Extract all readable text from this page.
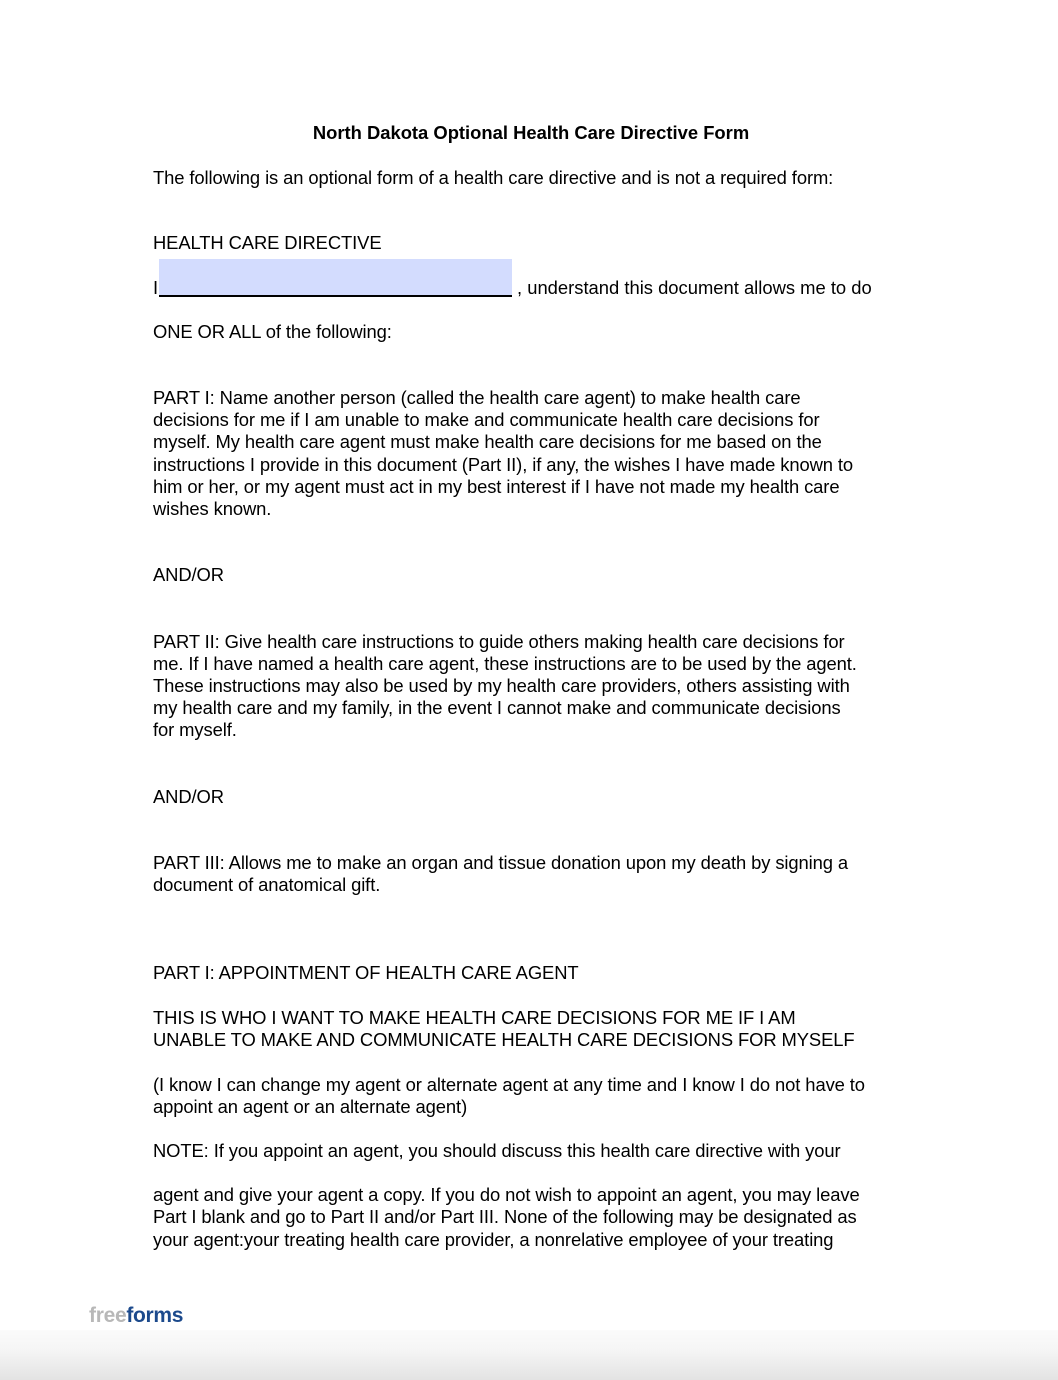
North Dakota Optional Health Care Directive Form
The following is an optional form of a health care directive and is not a required form:
HEALTH CARE DIRECTIVE
I	, understand this document allows me to do
ONE OR ALL of the following:
PART I: Name another person (called the health care agent) to make health care
decisions for me if I am unable to make and communicate health care decisions for
myself. My health care agent must make health care decisions for me based on the
instructions I provide in this document (Part II), if any, the wishes I have made known to
him or her, or my agent must act in my best interest if I have not made my health care
wishes known.
AND/OR
PART II: Give health care instructions to guide others making health care decisions for
me. If I have named a health care agent, these instructions are to be used by the agent.
These instructions may also be used by my health care providers, others assisting with
my health care and my family, in the event I cannot make and communicate decisions
for myself.
AND/OR
PART III: Allows me to make an organ and tissue donation upon my death by signing a
document of anatomical gift.
PART I: APPOINTMENT OF HEALTH CARE AGENT
THIS IS WHO I WANT TO MAKE HEALTH CARE DECISIONS FOR ME IF I AM
UNABLE TO MAKE AND COMMUNICATE HEALTH CARE DECISIONS FOR MYSELF
(I know I can change my agent or alternate agent at any time and I know I do not have to
appoint an agent or an alternate agent)
NOTE: If you appoint an agent, you should discuss this health care directive with your
agent and give your agent a copy. If you do not wish to appoint an agent, you may leave
Part I blank and go to Part II and/or Part III. None of the following may be designated as
your agent:your treating health care provider, a nonrelative employee of your treating
freeforms
